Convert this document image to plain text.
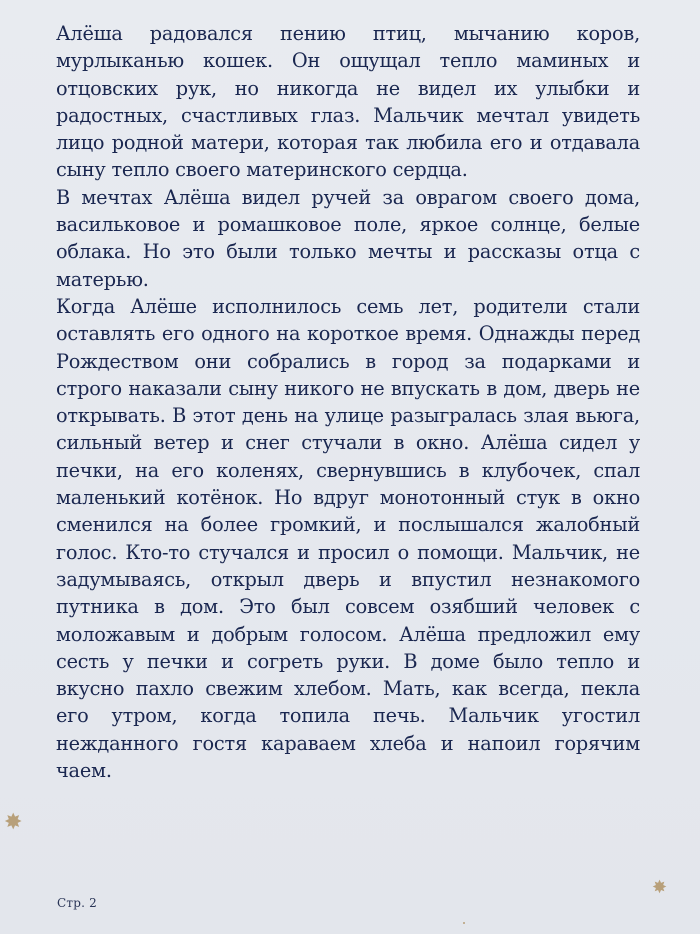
Алёша радовался пению птиц, мычанию коров, мурлыканью кошек. Он ощущал тепло маминых и отцовских рук, но никогда не видел их улыбки и радостных, счастливых глаз. Мальчик мечтал увидеть лицо родной матери, которая так любила его и отдавала сыну тепло своего материнского сердца.

В мечтах Алёша видел ручей за оврагом своего дома, васильковое и ромашковое поле, яркое солнце, белые облака. Но это были только мечты и рассказы отца с матерью.

Когда Алёше исполнилось семь лет, родители стали оставлять его одного на короткое время. Однажды перед Рождеством они собрались в город за подарками и строго наказали сыну никого не впускать в дом, дверь не открывать. В этот день на улице разыгралась злая вьюга, сильный ветер и снег стучали в окно. Алёша сидел у печки, на его коленях, свернувшись в клубочек, спал маленький котёнок. Но вдруг монотонный стук в окно сменился на более громкий, и послышался жалобный голос. Кто-то стучался и просил о помощи. Мальчик, не задумываясь, открыл дверь и впустил незнакомого путника в дом. Это был совсем озябший человек с моложавым и добрым голосом. Алёша предложил ему сесть у печки и согреть руки. В доме было тепло и вкусно пахло свежим хлебом. Мать, как всегда, пекла его утром, когда топила печь. Мальчик угостил нежданного гостя караваем хлеба и напоил горячим чаем.

✸
✸
Стр. 2
